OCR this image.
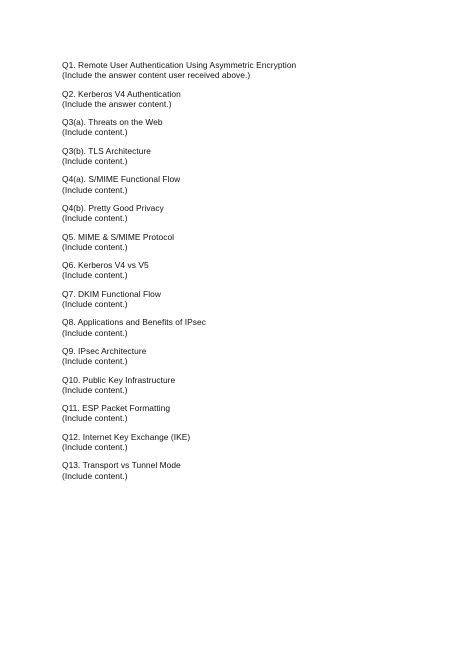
Q1. Remote User Authentication Using Asymmetric Encryption
(Include the answer content user received above.)
Q2. Kerberos V4 Authentication
(Include the answer content.)
Q3(a). Threats on the Web
(Include content.)
Q3(b). TLS Architecture
(Include content.)
Q4(a). S/MIME Functional Flow
(Include content.)
Q4(b). Pretty Good Privacy
(Include content.)
Q5. MIME & S/MIME Protocol
(Include content.)
Q6. Kerberos V4 vs V5
(Include content.)
Q7. DKIM Functional Flow
(Include content.)
Q8. Applications and Benefits of IPsec
(Include content.)
Q9. IPsec Architecture
(Include content.)
Q10. Public Key Infrastructure
(Include content.)
Q11. ESP Packet Formatting
(Include content.)
Q12. Internet Key Exchange (IKE)
(Include content.)
Q13. Transport vs Tunnel Mode
(Include content.)
